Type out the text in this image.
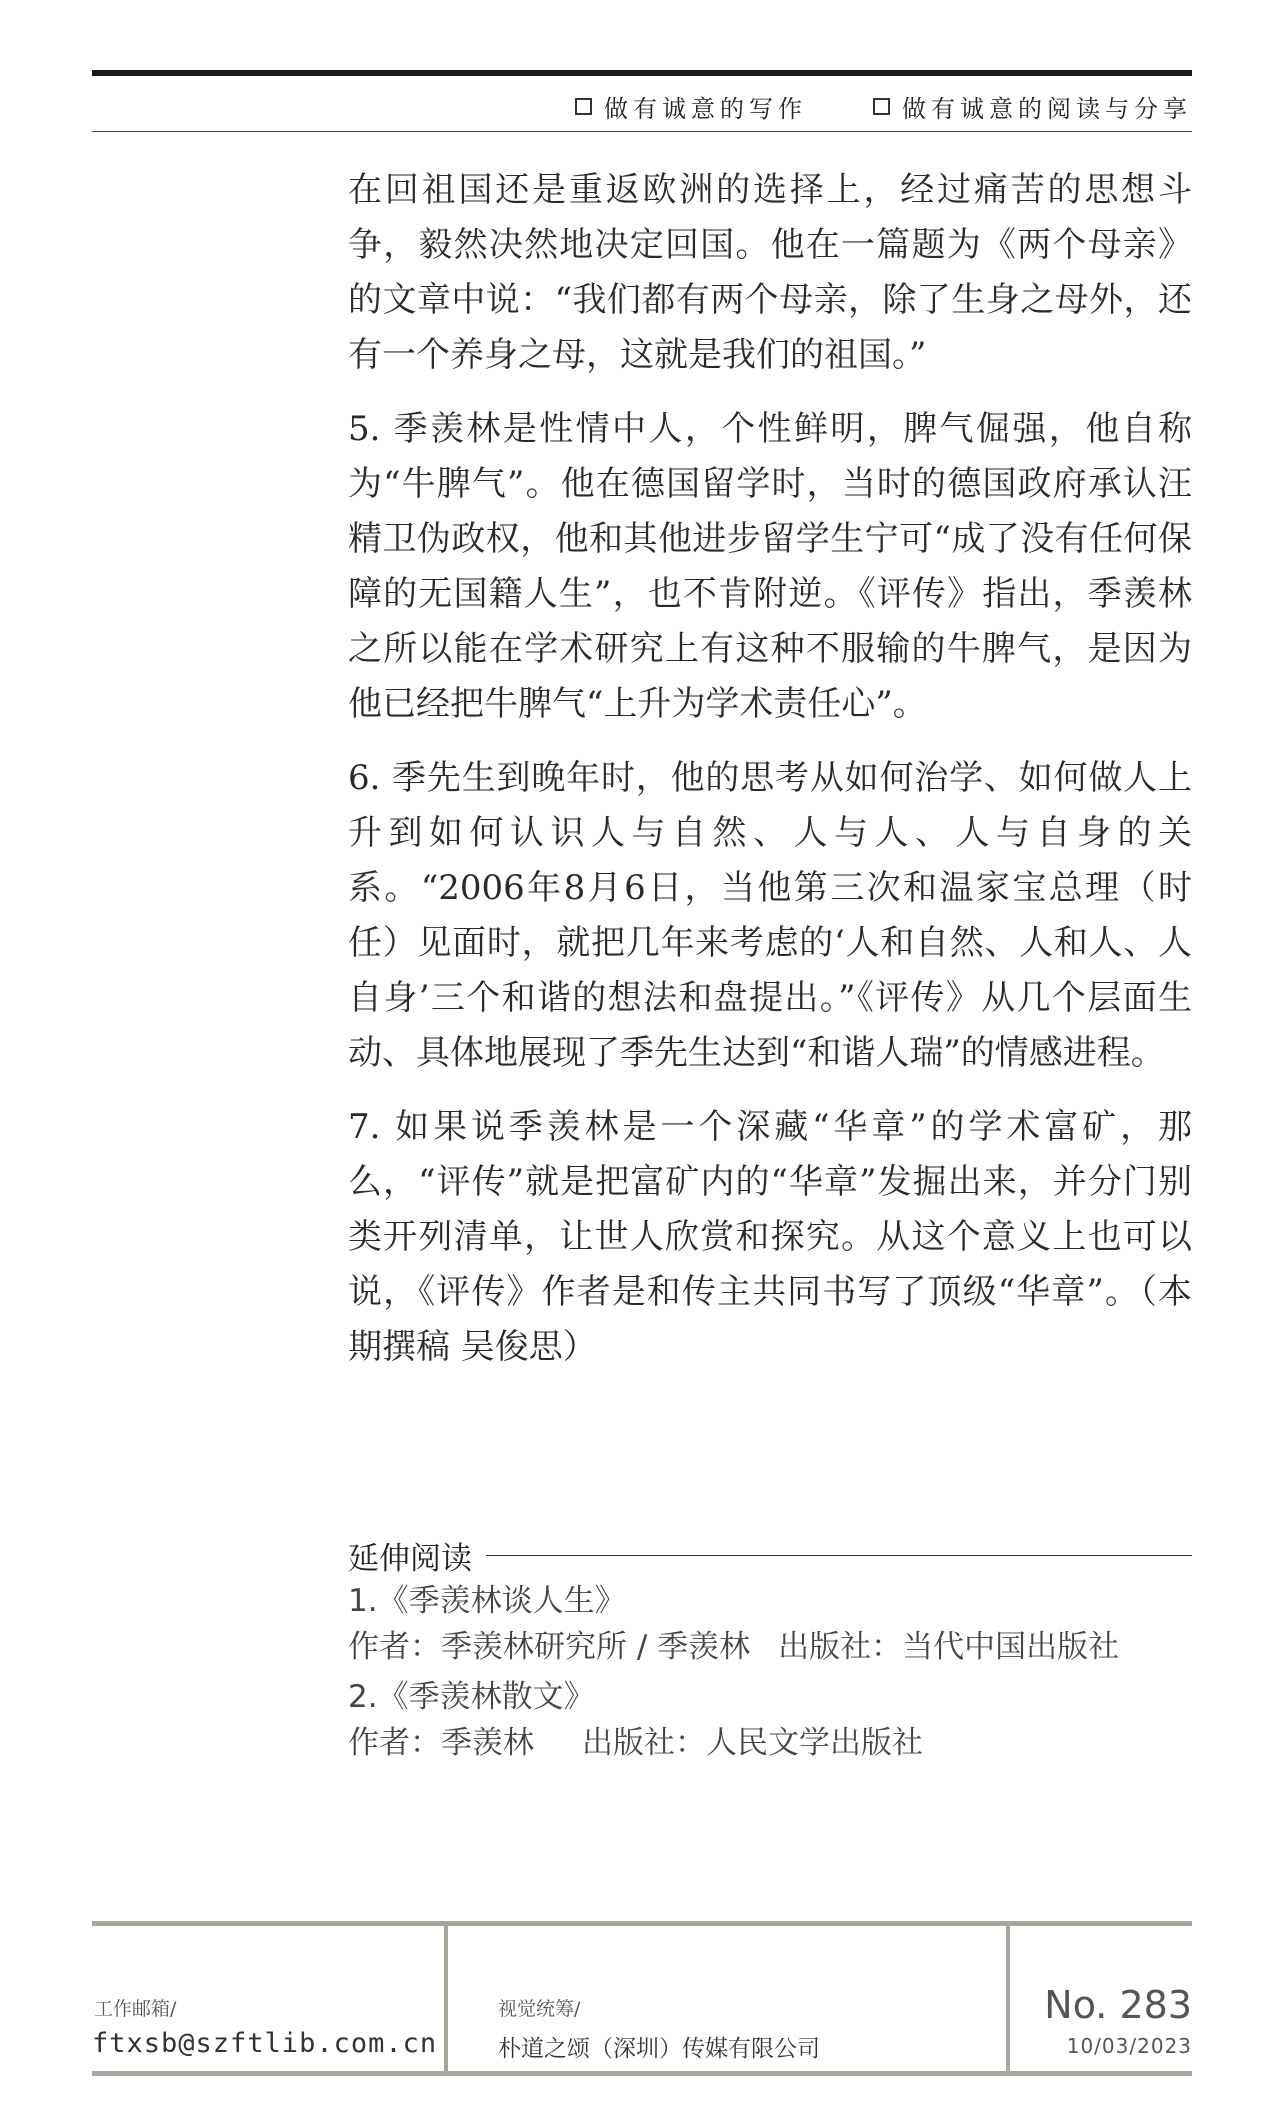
做有诚意的写作	做有诚意的阅读与分享

在回祖国还是重返欧洲的选择上，经过痛苦的思想斗争，毅然决然地决定回国。他在一篇题为《两个母亲》的文章中说：“我们都有两个母亲，除了生身之母外，还有一个养身之母，这就是我们的祖国。”

5. 季羡林是性情中人，个性鲜明，脾气倔强，他自称为“牛脾气”。他在德国留学时，当时的德国政府承认汪精卫伪政权，他和其他进步留学生宁可“成了没有任何保障的无国籍人生”，也不肯附逆。《评传》指出，季羡林之所以能在学术研究上有这种不服输的牛脾气，是因为他已经把牛脾气“上升为学术责任心”。

6. 季先生到晚年时，他的思考从如何治学、如何做人上升到如何认识人与自然、人与人、人与自身的关系。“2006年8月6日，当他第三次和温家宝总理（时任）见面时，就把几年来考虑的‘人和自然、人和人、人自身’三个和谐的想法和盘提出。”《评传》从几个层面生动、具体地展现了季先生达到“和谐人瑞”的情感进程。

7. 如果说季羡林是一个深藏“华章”的学术富矿，那么，“评传”就是把富矿内的“华章”发掘出来，并分门别类开列清单，让世人欣赏和探究。从这个意义上也可以说，《评传》作者是和传主共同书写了顶级“华章”。（本期撰稿 吴俊思）

延伸阅读
1.《季羡林谈人生》
作者：季羡林研究所 / 季羡林 出版社：当代中国出版社
2.《季羡林散文》
作者：季羡林 出版社：人民文学出版社
工作邮箱/
ftxsb@szftlib.com.cn
视觉统筹/
朴道之颂（深圳）传媒有限公司
No. 283
10/03/2023
